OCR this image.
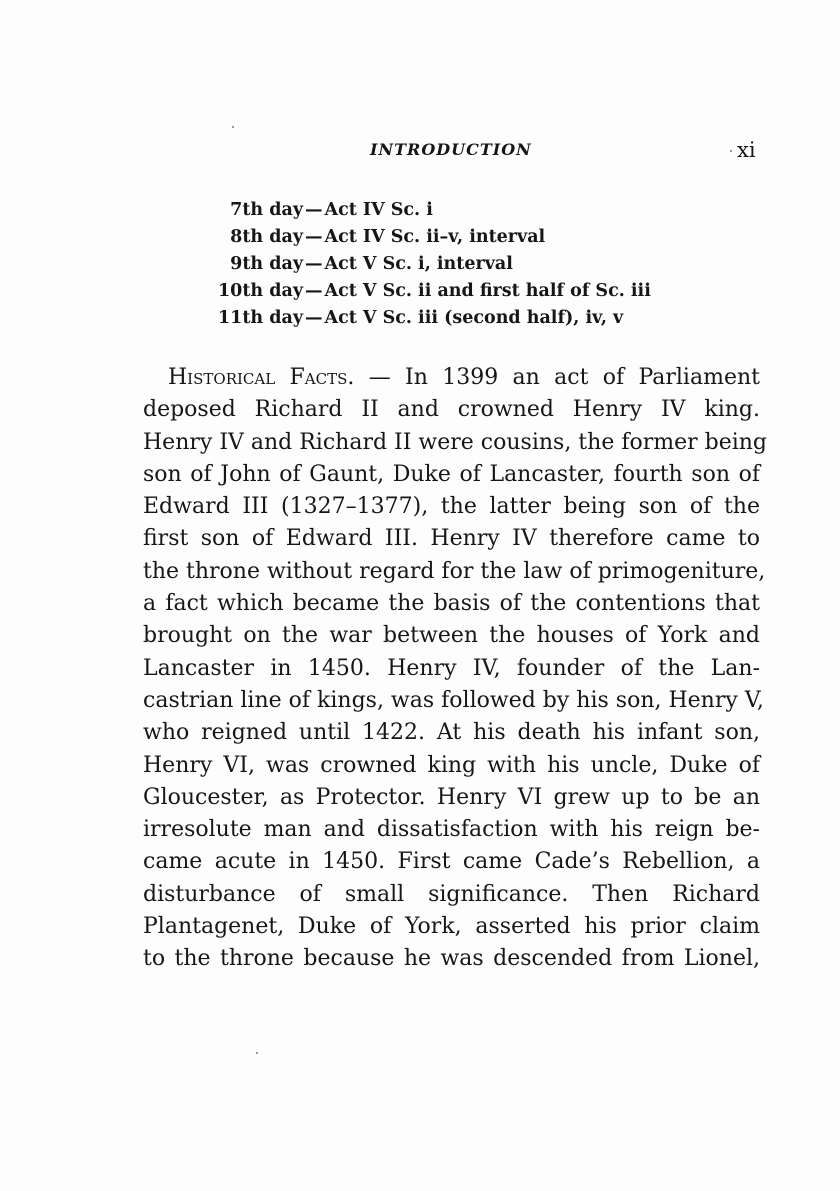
INTRODUCTION	xi
7th day — Act IV Sc. i
8th day — Act IV Sc. ii–v, interval
9th day — Act V Sc. i, interval
10th day — Act V Sc. ii and first half of Sc. iii
11th day — Act V Sc. iii (second half), iv, v
Historical Facts. — In 1399 an act of Parliament
deposed Richard II and crowned Henry IV king.
Henry IV and Richard II were cousins, the former being
son of John of Gaunt, Duke of Lancaster, fourth son of
Edward III (1327–1377), the latter being son of the
first son of Edward III. Henry IV therefore came to
the throne without regard for the law of primogeniture,
a fact which became the basis of the contentions that
brought on the war between the houses of York and
Lancaster in 1450. Henry IV, founder of the Lan-
castrian line of kings, was followed by his son, Henry V,
who reigned until 1422. At his death his infant son,
Henry VI, was crowned king with his uncle, Duke of
Gloucester, as Protector. Henry VI grew up to be an
irresolute man and dissatisfaction with his reign be-
came acute in 1450. First came Cade’s Rebellion, a
disturbance of small significance. Then Richard
Plantagenet, Duke of York, asserted his prior claim
to the throne because he was descended from Lionel,
